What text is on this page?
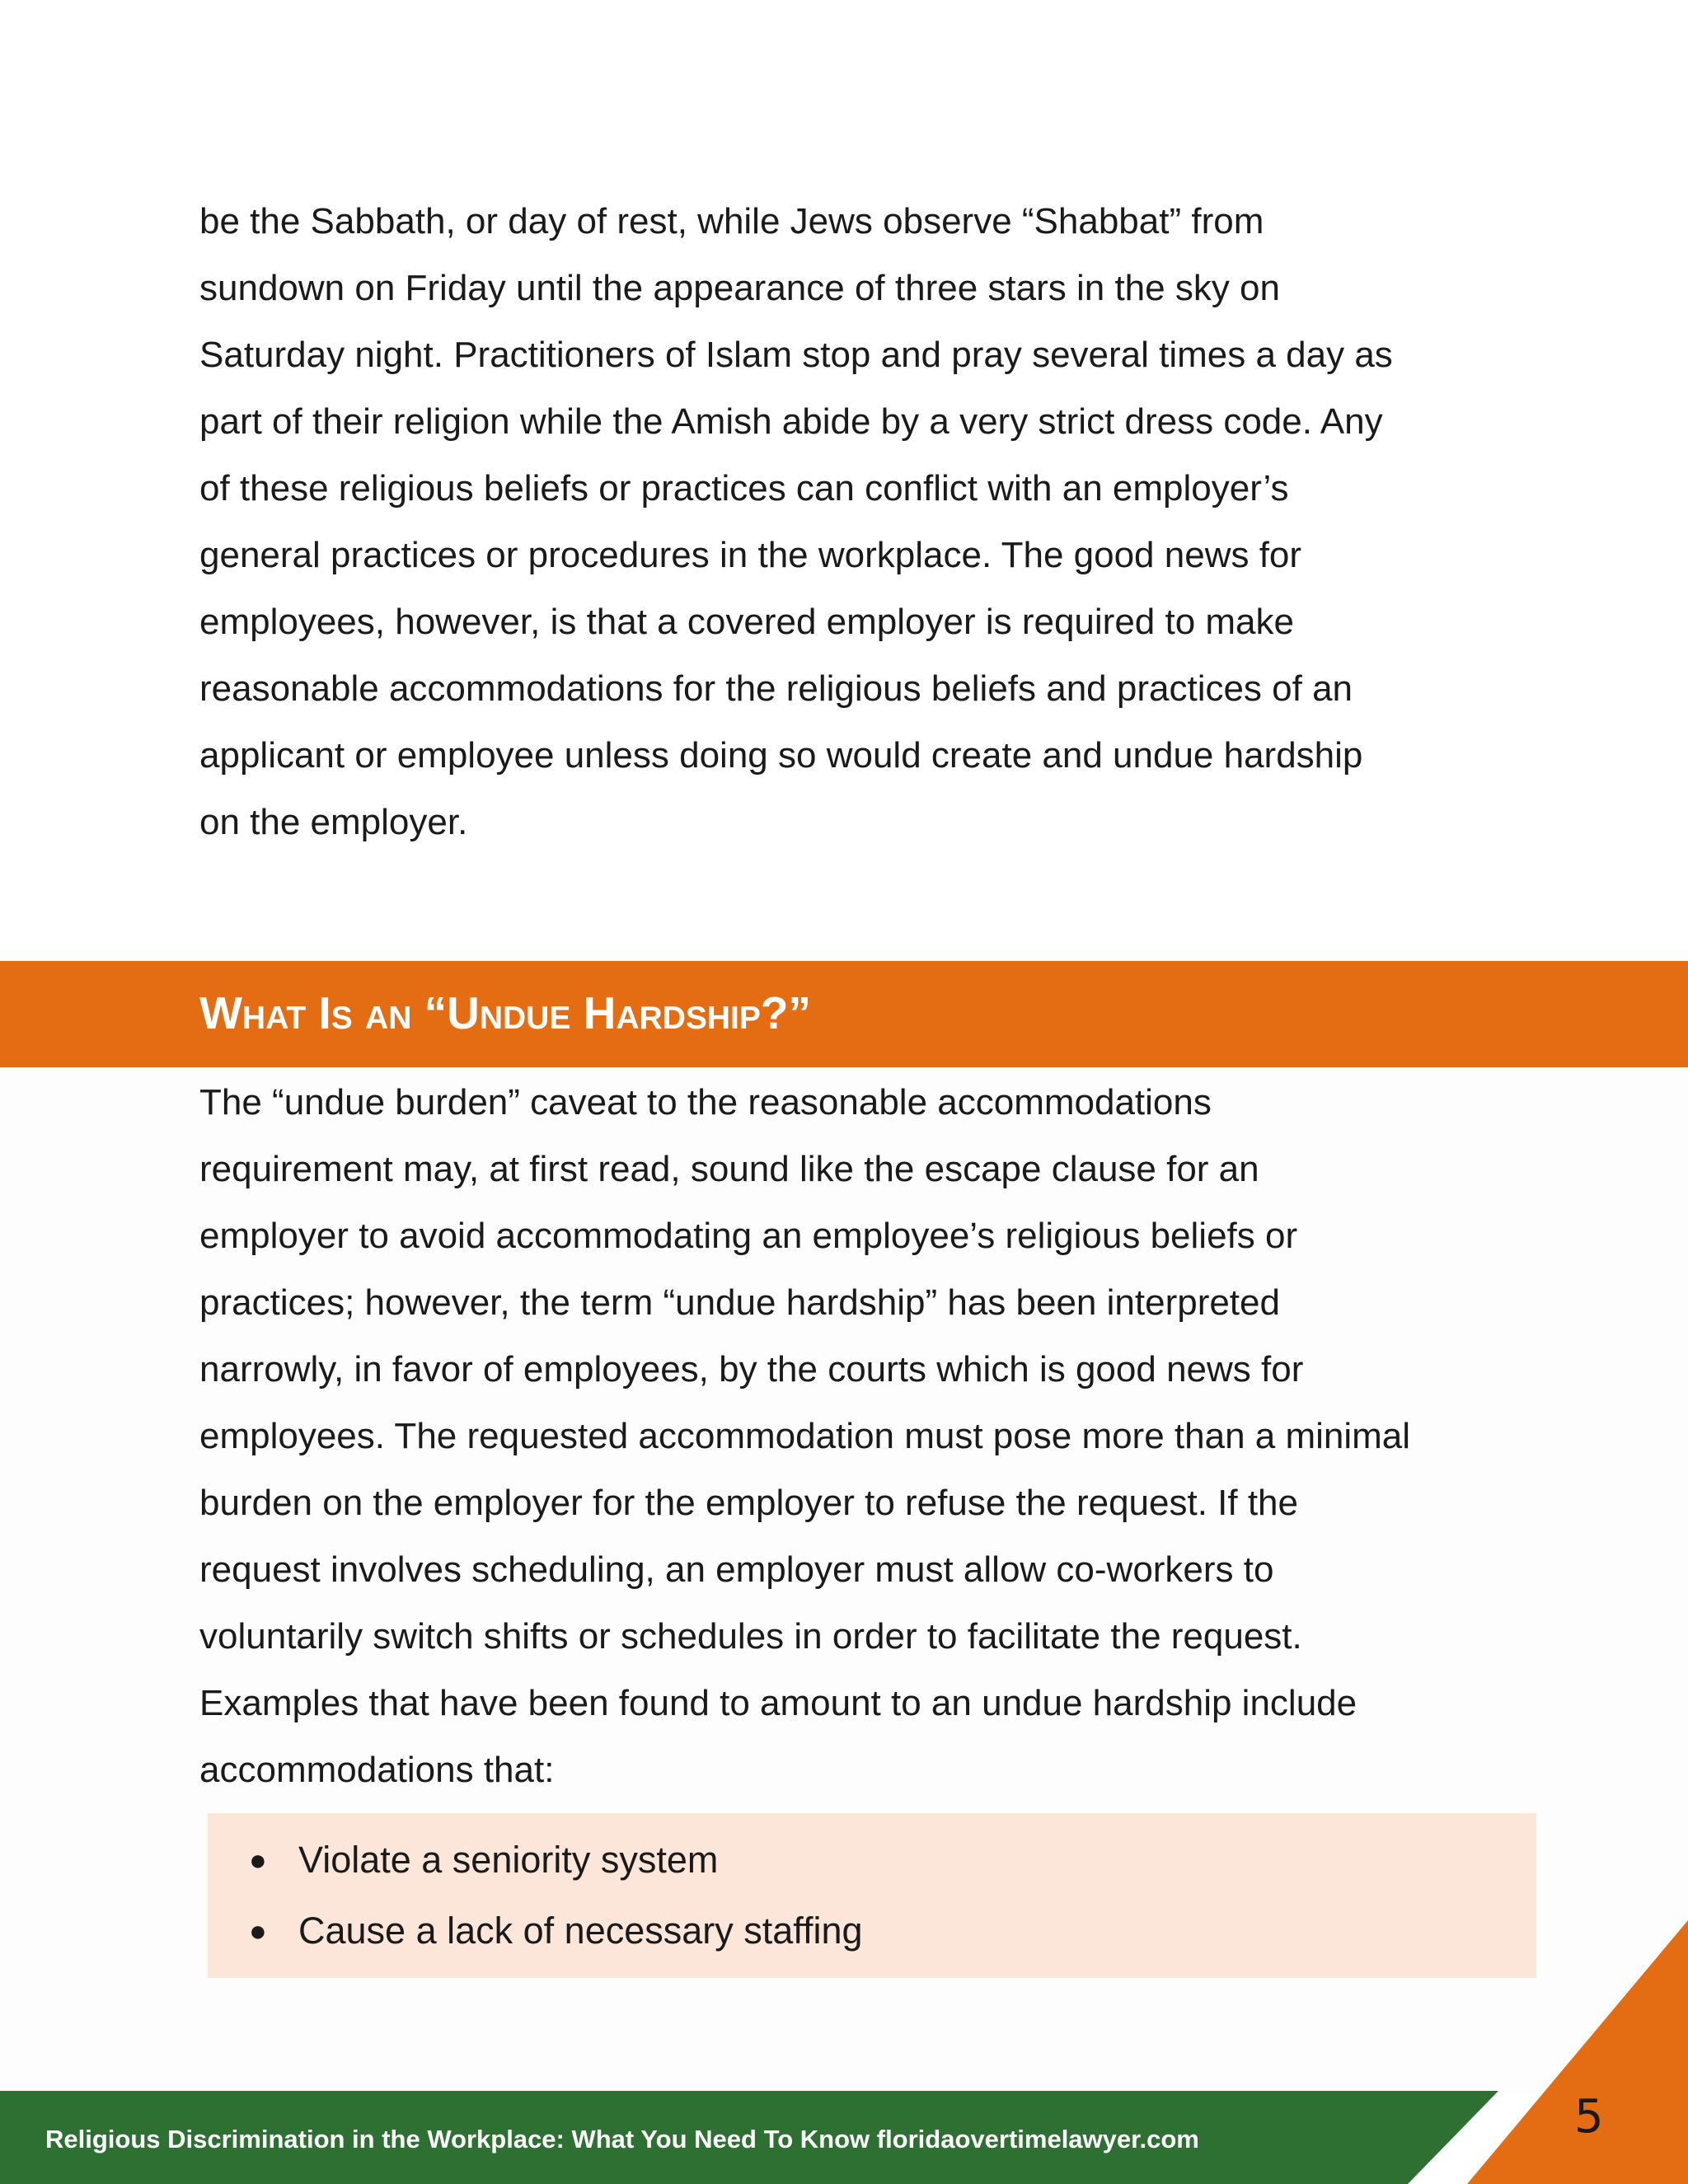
be the Sabbath, or day of rest, while Jews observe “Shabbat” from
sundown on Friday until the appearance of three stars in the sky on
Saturday night. Practitioners of Islam stop and pray several times a day as
part of their religion while the Amish abide by a very strict dress code. Any
of these religious beliefs or practices can conflict with an employer’s
general practices or procedures in the workplace. The good news for
employees, however, is that a covered employer is required to make
reasonable accommodations for the religious beliefs and practices of an
applicant or employee unless doing so would create and undue hardship
on the employer.
What Is an “Undue Hardship?”
The “undue burden” caveat to the reasonable accommodations
requirement may, at first read, sound like the escape clause for an
employer to avoid accommodating an employee’s religious beliefs or
practices; however, the term “undue hardship” has been interpreted
narrowly, in favor of employees, by the courts which is good news for
employees. The requested accommodation must pose more than a minimal
burden on the employer for the employer to refuse the request. If the
request involves scheduling, an employer must allow co-workers to
voluntarily switch shifts or schedules in order to facilitate the request.
Examples that have been found to amount to an undue hardship include
accommodations that:
● Violate a seniority system
● Cause a lack of necessary staffing

Religious Discrimination in the Workplace: What You Need To Know floridaovertimelawyer.com	5
